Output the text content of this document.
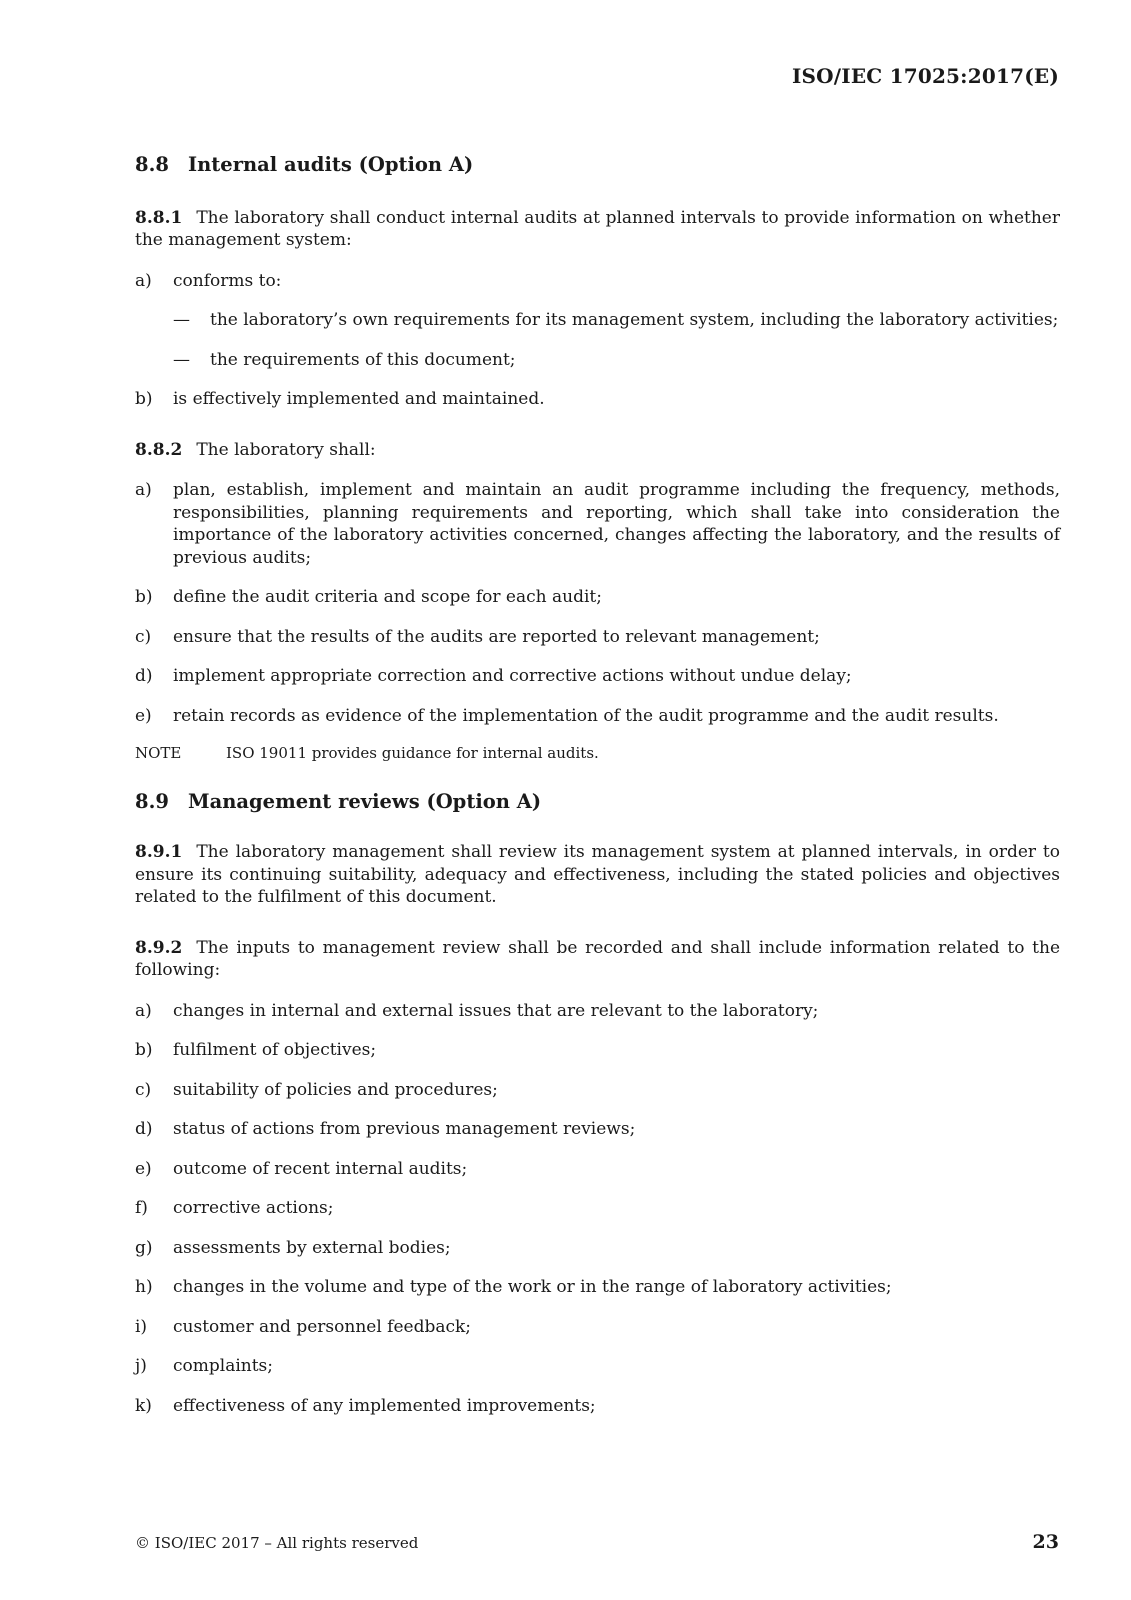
ISO/IEC 17025:2017(E)
8.8 Internal audits (Option A)

8.8.1 The laboratory shall conduct internal audits at planned intervals to provide information on whether the management system:

a)	conforms to:
—	the laboratory’s own requirements for its management system, including the laboratory activities;
—	the requirements of this document;
b)	is effectively implemented and maintained.

8.8.2 The laboratory shall:

a)	plan, establish, implement and maintain an audit programme including the frequency, methods, responsibilities, planning requirements and reporting, which shall take into consideration the importance of the laboratory activities concerned, changes affecting the laboratory, and the results of previous audits;
b)	define the audit criteria and scope for each audit;
c)	ensure that the results of the audits are reported to relevant management;
d)	implement appropriate correction and corrective actions without undue delay;
e)	retain records as evidence of the implementation of the audit programme and the audit results.
NOTE	ISO 19011 provides guidance for internal audits.
8.9 Management reviews (Option A)

8.9.1 The laboratory management shall review its management system at planned intervals, in order to ensure its continuing suitability, adequacy and effectiveness, including the stated policies and objectives related to the fulfilment of this document.

8.9.2 The inputs to management review shall be recorded and shall include information related to the following:

a)	changes in internal and external issues that are relevant to the laboratory;
b)	fulfilment of objectives;
c)	suitability of policies and procedures;
d)	status of actions from previous management reviews;
e)	outcome of recent internal audits;
f)	corrective actions;
g)	assessments by external bodies;
h)	changes in the volume and type of the work or in the range of laboratory activities;
i)	customer and personnel feedback;
j)	complaints;
k)	effectiveness of any implemented improvements;
© ISO/IEC 2017 – All rights reserved	23
